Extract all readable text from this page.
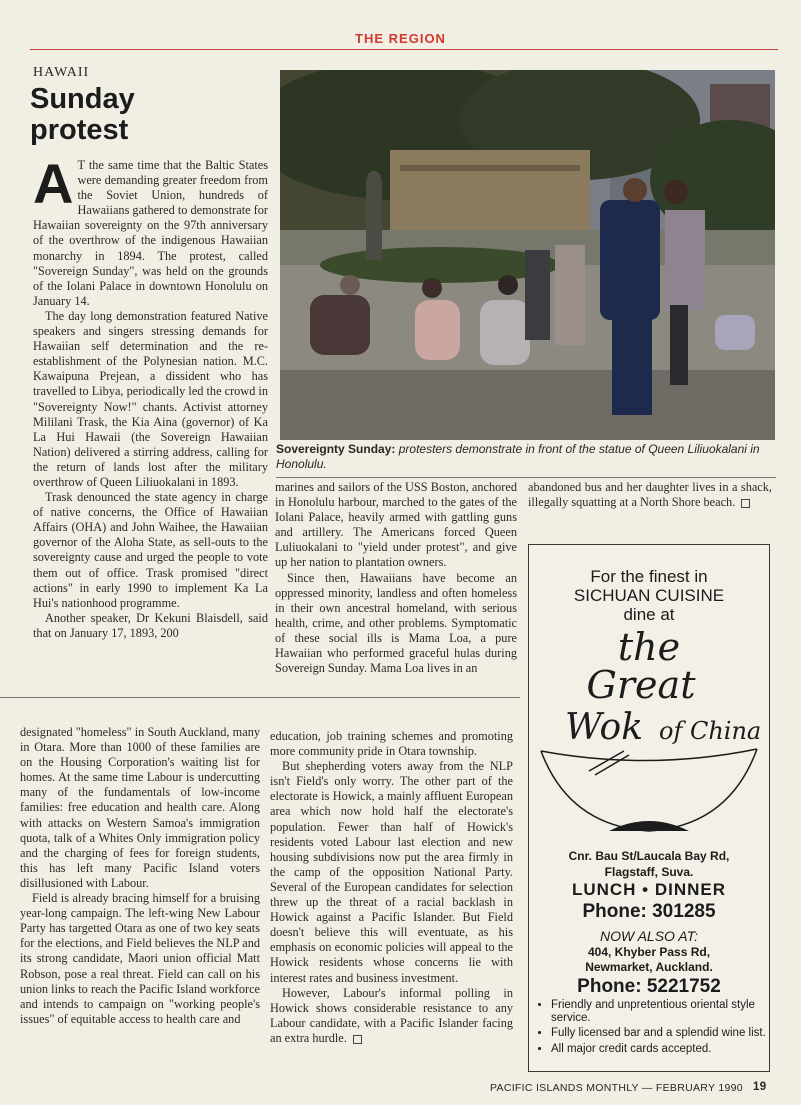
THE REGION
HAWAII
Sunday
protest

A T the same time that the Baltic States were demanding greater freedom from the Soviet Union, hundreds of Hawaiians gathered to demonstrate for Hawaiian sovereignty on the 97th anniversary of the overthrow of the indigenous Hawaiian monarchy in 1894. The protest, called "Sovereign Sunday", was held on the grounds of the Iolani Palace in downtown Honolulu on January 14.

The day long demonstration featured Native speakers and singers stressing demands for Hawaiian self determination and the re-establishment of the Polynesian nation. M.C. Kawaipuna Prejean, a dissident who has travelled to Libya, periodically led the crowd in "Sovereignty Now!" chants. Activist attorney Mililani Trask, the Kia Aina (governor) of Ka La Hui Hawaii (the Sovereign Hawaiian Nation) delivered a stirring address, calling for the return of lands lost after the military overthrow of Queen Liliuokalani in 1893.

Trask denounced the state agency in charge of native concerns, the Office of Hawaiian Affairs (OHA) and John Waihee, the Hawaiian governor of the Aloha State, as sell-outs to the sovereignty cause and urged the people to vote them out of office. Trask promised "direct actions" in early 1990 to implement Ka La Hui's nationhood programme.

Another speaker, Dr Kekuni Blaisdell, said that on January 17, 1893, 200

Sovereignty Sunday: protesters demonstrate in front of the statue of Queen Liliuokalani in Honolulu.

marines and sailors of the USS Boston, anchored in Honolulu harbour, marched to the gates of the Iolani Palace, heavily armed with gattling guns and artillery. The Americans forced Queen Luliuokalani to "yield under protest", and give up her nation to plantation owners.

Since then, Hawaiians have become an oppressed minority, landless and often homeless in their own ancestral homeland, with serious health, crime, and other problems. Symptomatic of these social ills is Mama Loa, a pure Hawaiian who performed graceful hulas during Sovereign Sunday. Mama Loa lives in an

abandoned bus and her daughter lives in a shack, illegally squatting at a North Shore beach.

designated "homeless" in South Auckland, many in Otara. More than 1000 of these families are on the Housing Corporation's waiting list for homes. At the same time Labour is undercutting many of the fundamentals of low-income families: free education and health care. Along with attacks on Western Samoa's immigration quota, talk of a Whites Only immigration policy and the charging of fees for foreign students, this has left many Pacific Island voters disillusioned with Labour.

Field is already bracing himself for a bruising year-long campaign. The left-wing New Labour Party has targetted Otara as one of two key seats for the elections, and Field believes the NLP and its strong candidate, Maori union official Matt Robson, pose a real threat. Field can call on his union links to reach the Pacific Island workforce and intends to campaign on "working people's issues" of equitable access to health care and

education, job training schemes and promoting more community pride in Otara township.

But shepherding voters away from the NLP isn't Field's only worry. The other part of the electorate is Howick, a mainly affluent European area which now hold half the electorate's population. Fewer than half of Howick's residents voted Labour last election and new housing subdivisions now put the area firmly in the camp of the opposition National Party. Several of the European candidates for selection threw up the threat of a racial backlash in Howick against a Pacific Islander. But Field doesn't believe this will eventuate, as his emphasis on economic policies will appeal to the Howick residents whose concerns lie with interest rates and business investment.

However, Labour's informal polling in Howick shows considerable resistance to any Labour candidate, with a Pacific Islander facing an extra hurdle.

For the finest in
SICHUAN CUISINE
dine at
the
Great
Wok of China
Cnr. Bau St/Laucala Bay Rd,
Flagstaff, Suva.
LUNCH • DINNER
Phone: 301285
NOW ALSO AT:
404, Khyber Pass Rd,
Newmarket, Auckland.
Phone: 5221752
• Friendly and unpretentious oriental style service.
• Fully licensed bar and a splendid wine list.
• All major credit cards accepted.
PACIFIC ISLANDS MONTHLY — FEBRUARY 1990 19
